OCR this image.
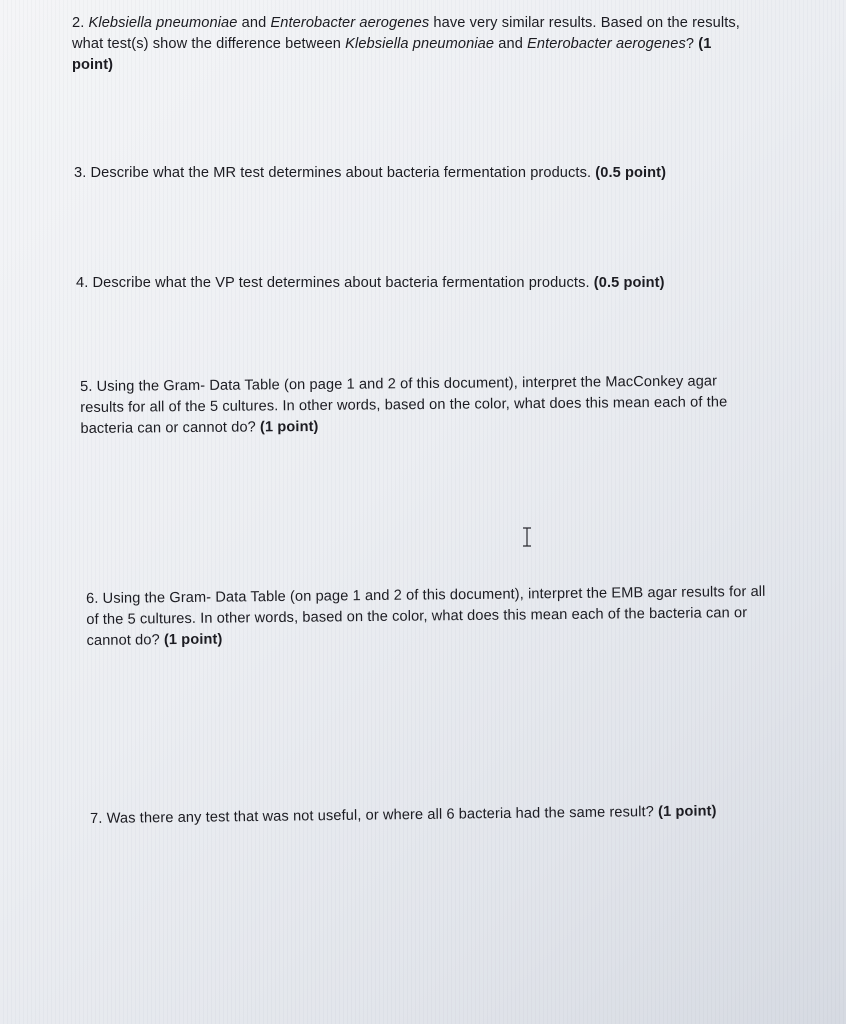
2. Klebsiella pneumoniae and Enterobacter aerogenes have very similar results. Based on the results, what test(s) show the difference between Klebsiella pneumoniae and Enterobacter aerogenes? (1 point)

3. Describe what the MR test determines about bacteria fermentation products. (0.5 point)

4. Describe what the VP test determines about bacteria fermentation products. (0.5 point)

5. Using the Gram- Data Table (on page 1 and 2 of this document), interpret the MacConkey agar results for all of the 5 cultures. In other words, based on the color, what does this mean each of the bacteria can or cannot do? (1 point)

6. Using the Gram- Data Table (on page 1 and 2 of this document), interpret the EMB agar results for all of the 5 cultures. In other words, based on the color, what does this mean each of the bacteria can or cannot do? (1 point)

7. Was there any test that was not useful, or where all 6 bacteria had the same result? (1 point)
